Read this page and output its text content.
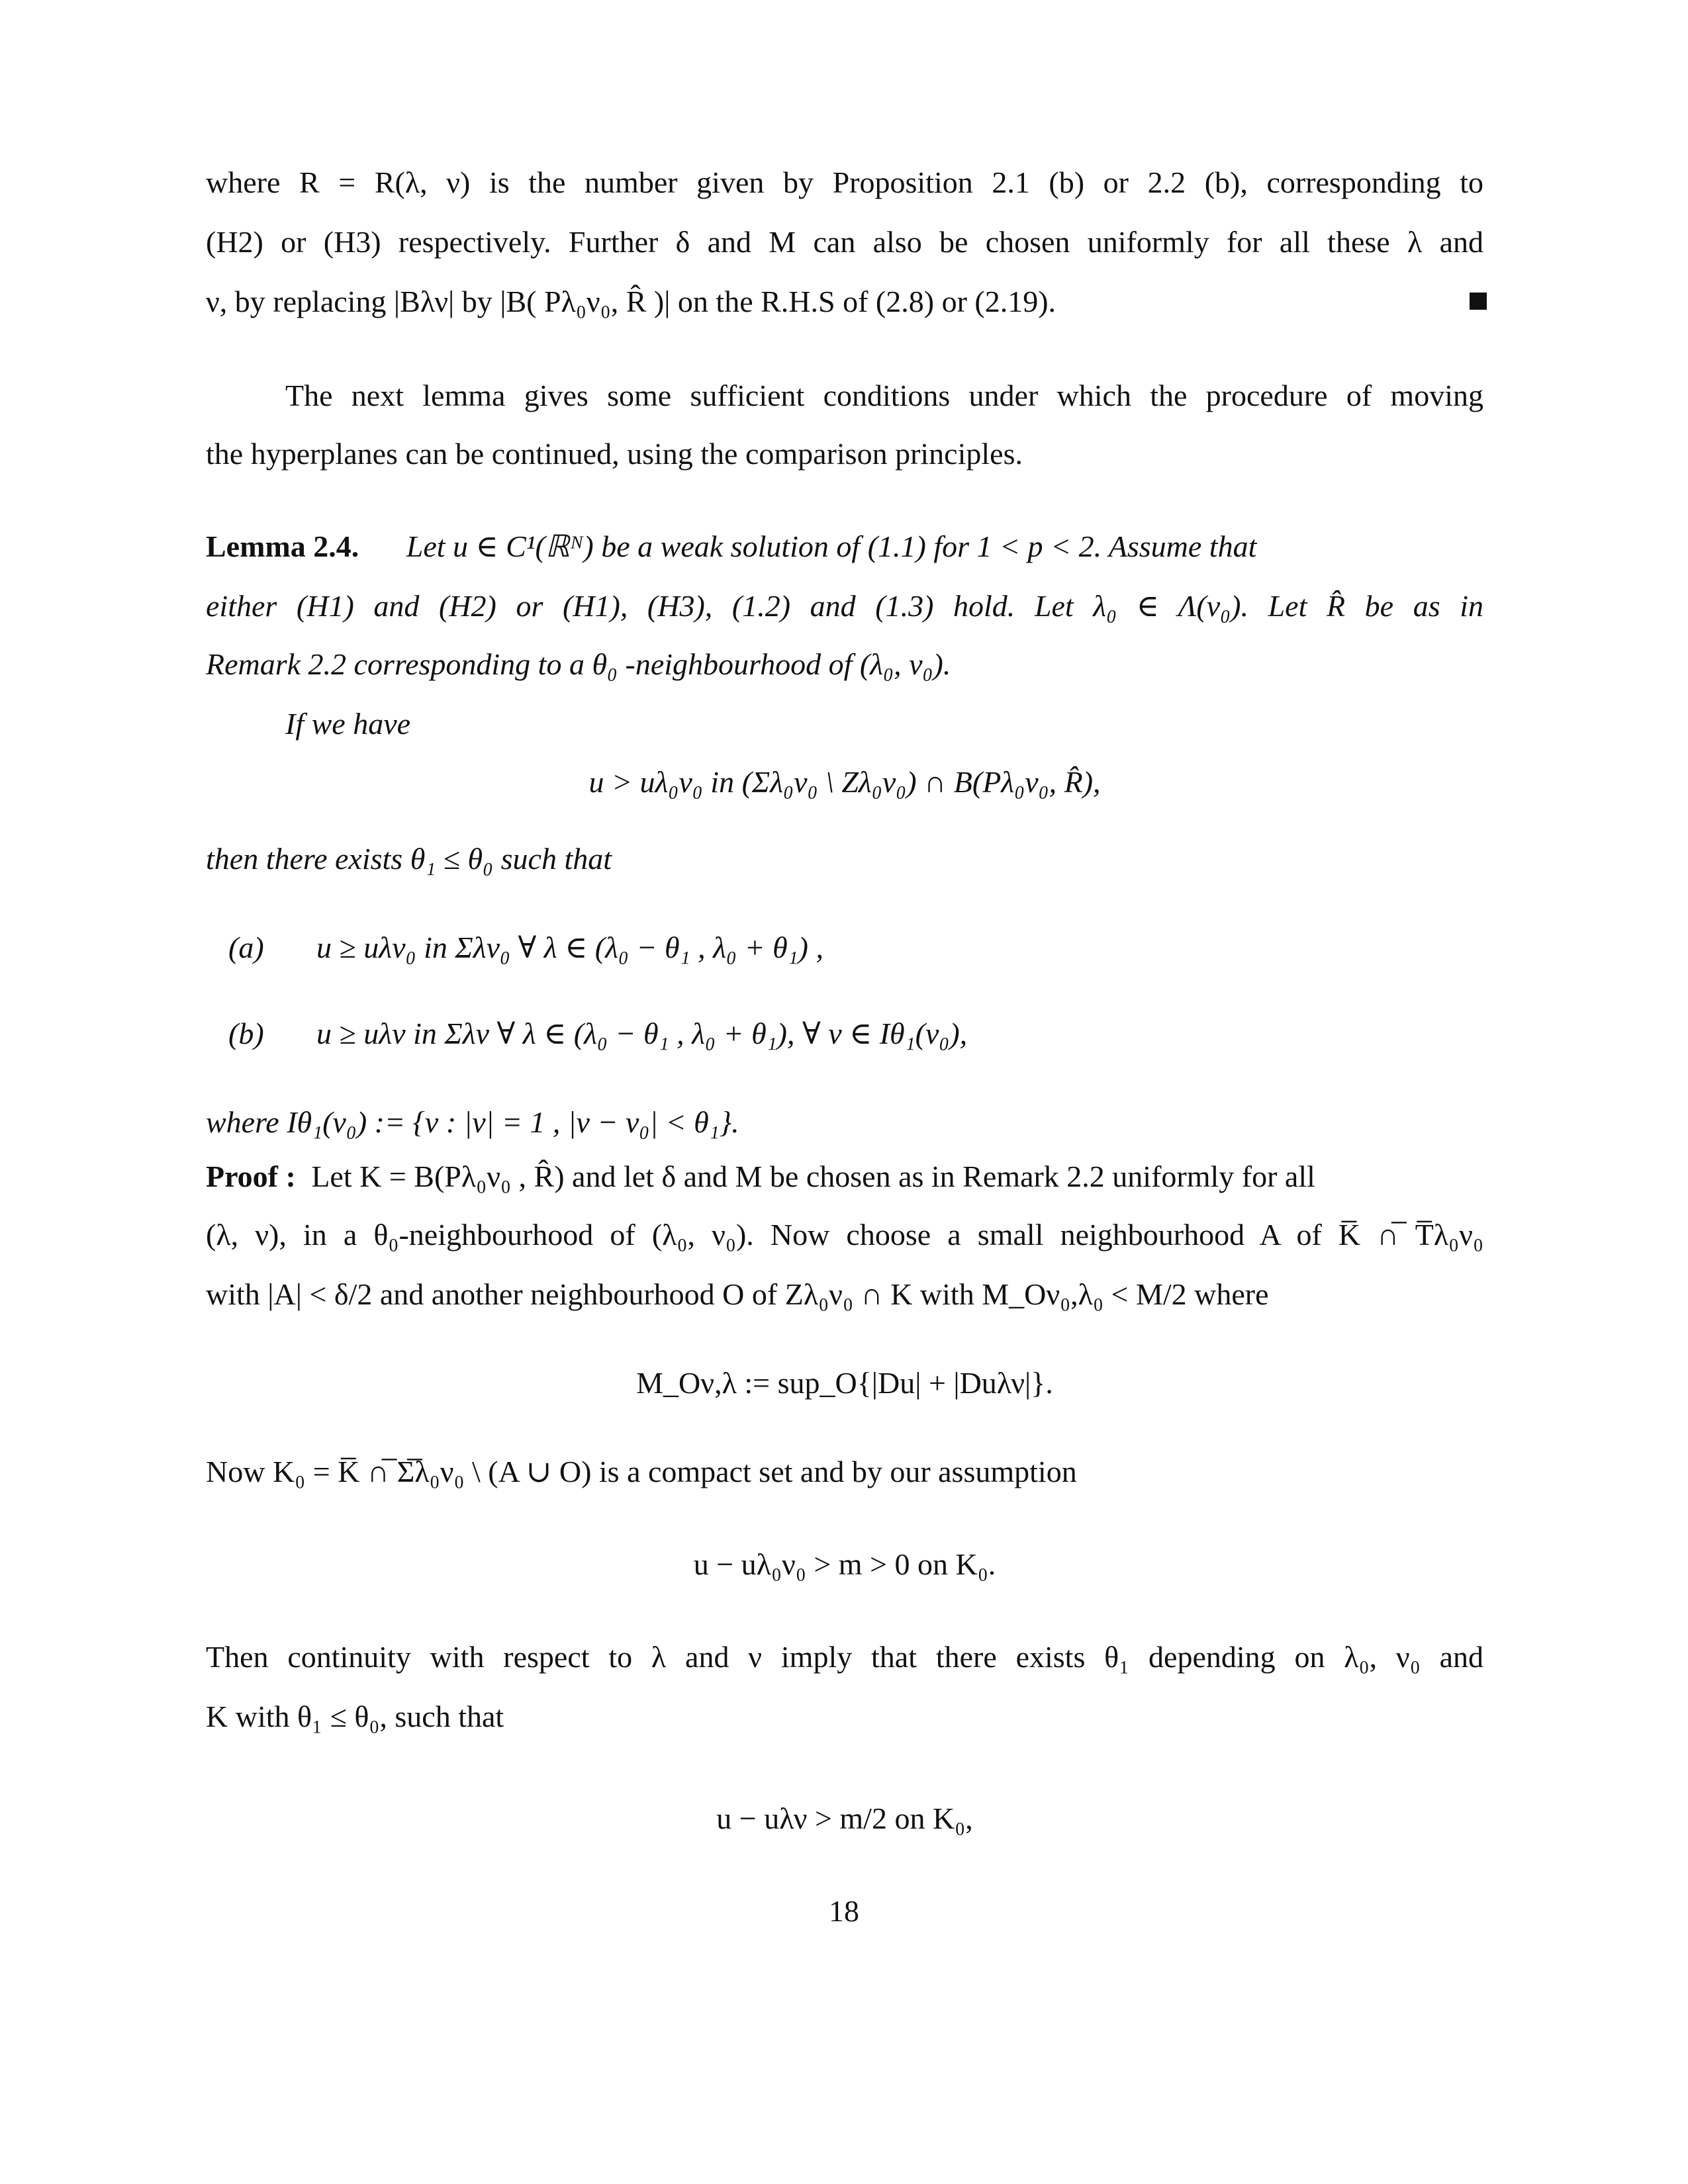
where R = R(λ, ν) is the number given by Proposition 2.1 (b) or 2.2 (b), corresponding to
(H2) or (H3) respectively. Further δ and M can also be chosen uniformly for all these λ and
ν, by replacing |Bλν| by |B( Pλ₀ν₀, R̂ )| on the R.H.S of (2.8) or (2.19).
The next lemma gives some sufficient conditions under which the procedure of moving
the hyperplanes can be continued, using the comparison principles.
Lemma 2.4. Let u ∈ C¹(ℝᴺ) be a weak solution of (1.1) for 1 < p < 2. Assume that
either (H1) and (H2) or (H1), (H3), (1.2) and (1.3) hold. Let λ₀ ∈ Λ(ν₀). Let R̂ be as in
Remark 2.2 corresponding to a θ₀ -neighbourhood of (λ₀, ν₀).
If we have
u > uλ₀ν₀ in (Σλ₀ν₀ \ Zλ₀ν₀) ∩ B(Pλ₀ν₀, R̂),
then there exists θ₁ ≤ θ₀ such that
(a)	u ≥ uλν₀ in Σλν₀ ∀ λ ∈ (λ₀ − θ₁ , λ₀ + θ₁) ,
(b)	u ≥ uλν in Σλν ∀ λ ∈ (λ₀ − θ₁ , λ₀ + θ₁), ∀ ν ∈ Iθ₁(ν₀),
where Iθ₁(ν₀) := {ν : |ν| = 1 , |ν − ν₀| < θ₁}.
Proof : Let K = B(Pλ₀ν₀ , R̂) and let δ and M be chosen as in Remark 2.2 uniformly for all
(λ, ν), in a θ₀-neighbourhood of (λ₀, ν₀). Now choose a small neighbourhood A of K̅ ∩̅ T̅λ₀ν₀
with |A| < δ/2 and another neighbourhood O of Zλ₀ν₀ ∩ K with M_Oν₀,λ₀ < M/2 where
M_Oν,λ := sup_O{|Du| + |Duλν|}.
Now K₀ = K̅ ∩̅ Σ̅λ₀ν₀ \ (A ∪ O) is a compact set and by our assumption
u − uλ₀ν₀ > m > 0 on K₀.
Then continuity with respect to λ and ν imply that there exists θ₁ depending on λ₀, ν₀ and
K with θ₁ ≤ θ₀, such that
u − uλν > m/2 on K₀,
18
